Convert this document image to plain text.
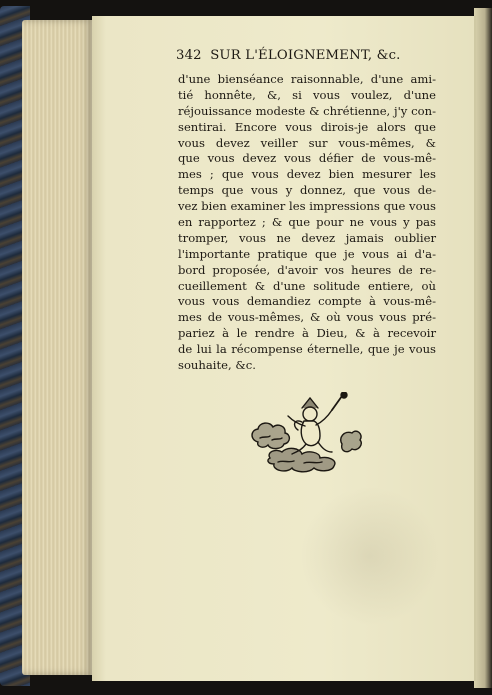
342 SUR L'ÉLOIGNEMENT, &c.
d'une bienséance raisonnable, d'une ami-
tié honnête, &, si vous voulez, d'une
réjouissance modeste & chrétienne, j'y con-
sentirai. Encore vous dirois-je alors que
vous devez veiller sur vous-mêmes, &
que vous devez vous défier de vous-mê-
mes ; que vous devez bien mesurer les
temps que vous y donnez, que vous de-
vez bien examiner les impressions que vous
en rapportez ; & que pour ne vous y pas
tromper, vous ne devez jamais oublier
l'importante pratique que je vous ai d'a-
bord proposée, d'avoir vos heures de re-
cueillement & d'une solitude entiere, où
vous vous demandiez compte à vous-mê-
mes de vous-mêmes, & où vous vous pré-
pariez à le rendre à Dieu, & à recevoir
de lui la récompense éternelle, que je vous
souhaite, &c.
